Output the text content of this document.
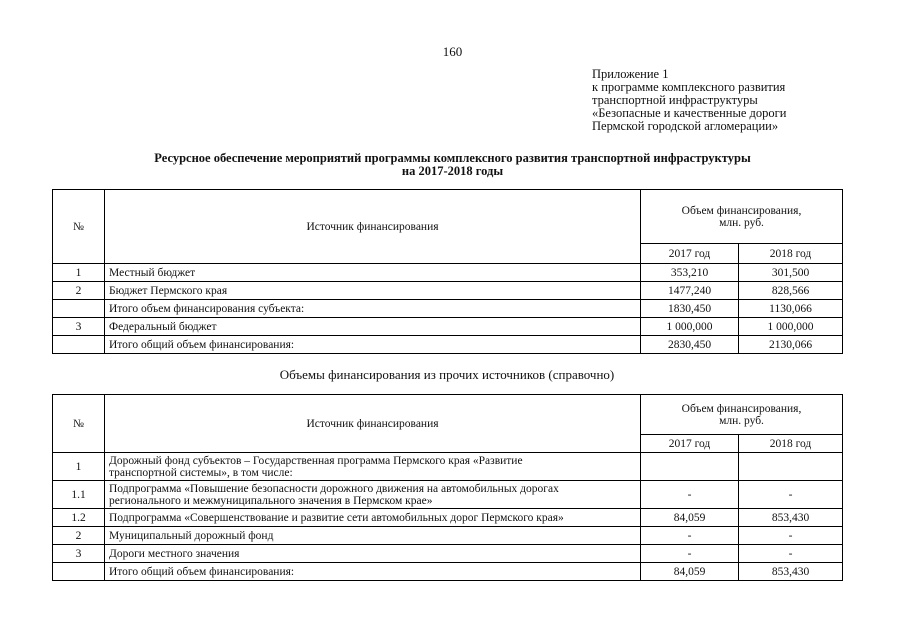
160
Приложение 1
к программе комплексного развития
транспортной инфраструктуры
«Безопасные и качественные дороги
Пермской городской агломерации»
Ресурсное обеспечение мероприятий программы комплексного развития транспортной инфраструктуры
на 2017-2018 годы
№	Источник финансирования	Объем финансирования,
млн. руб.	

		2017 год	2018 год
1	Местный бюджет	353,210	301,500
2	Бюджет Пермского края	1477,240	828,566
	Итого объем финансирования субъекта:	1830,450	1130,066
3	Федеральный бюджет	1 000,000	1 000,000
	Итого общий объем финансирования:	2830,450	2130,066
Объемы финансирования из прочих источников (справочно)
№	Источник финансирования	Объем финансирования,
млн. руб.	

		2017 год	2018 год
1	Дорожный фонд субъектов – Государственная программа Пермского края «Развитие
транспортной системы», в том числе:		

1.1	Подпрограмма «Повышение безопасности дорожного движения на автомобильных дорогах
регионального и межмуниципального значения в Пермском крае»	-	-
1.2	Подпрограмма «Совершенствование и развитие сети автомобильных дорог Пермского края»	84,059	853,430
2	Муниципальный дорожный фонд	-	-
3	Дороги местного значения	-	-
	Итого общий объем финансирования:	84,059	853,430
